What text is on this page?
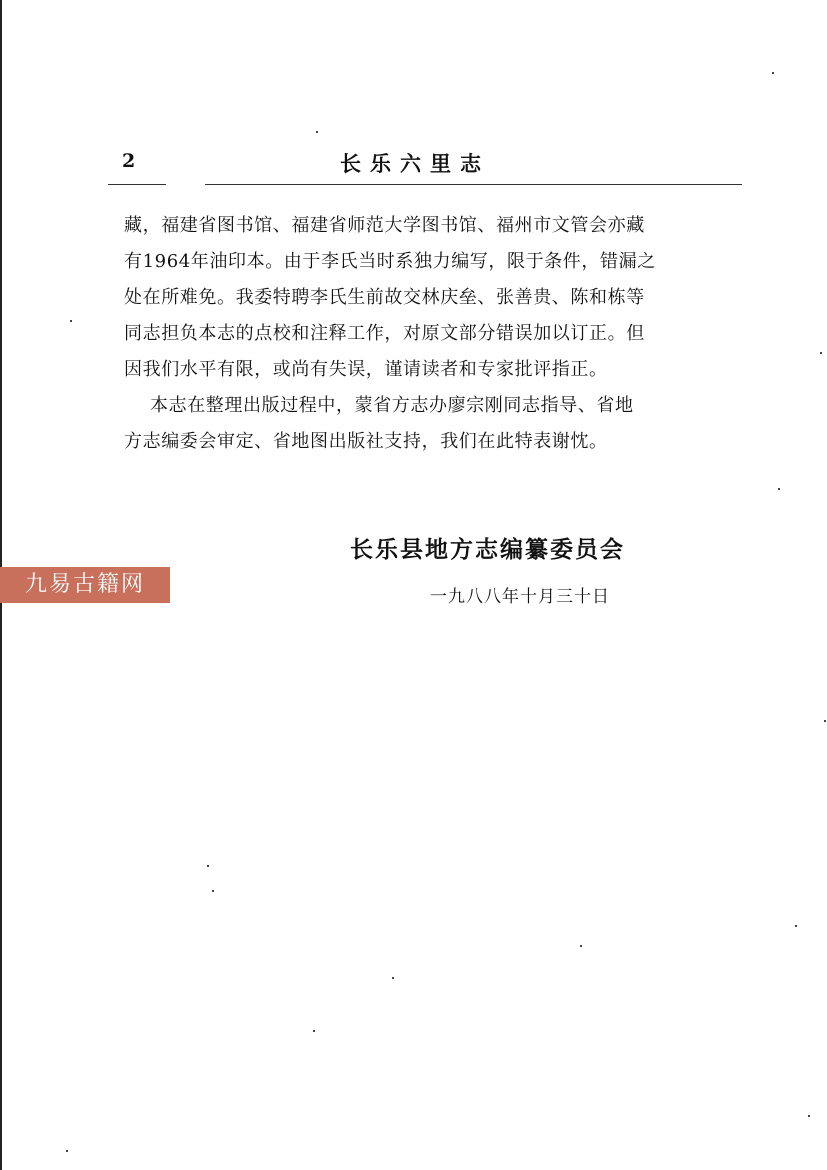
2	长乐六里志
藏，福建省图书馆、福建省师范大学图书馆、福州市文管会亦藏
有1964年油印本。由于李氏当时系独力编写，限于条件，错漏之
处在所难免。我委特聘李氏生前故交林庆垒、张善贵、陈和栋等
同志担负本志的点校和注释工作，对原文部分错误加以订正。但
因我们水平有限，或尚有失误，谨请读者和专家批评指正。
本志在整理出版过程中，蒙省方志办廖宗刚同志指导、省地
方志编委会审定、省地图出版社支持，我们在此特表谢忱。
长乐县地方志编纂委员会
一九八八年十月三十日
九易古籍网
